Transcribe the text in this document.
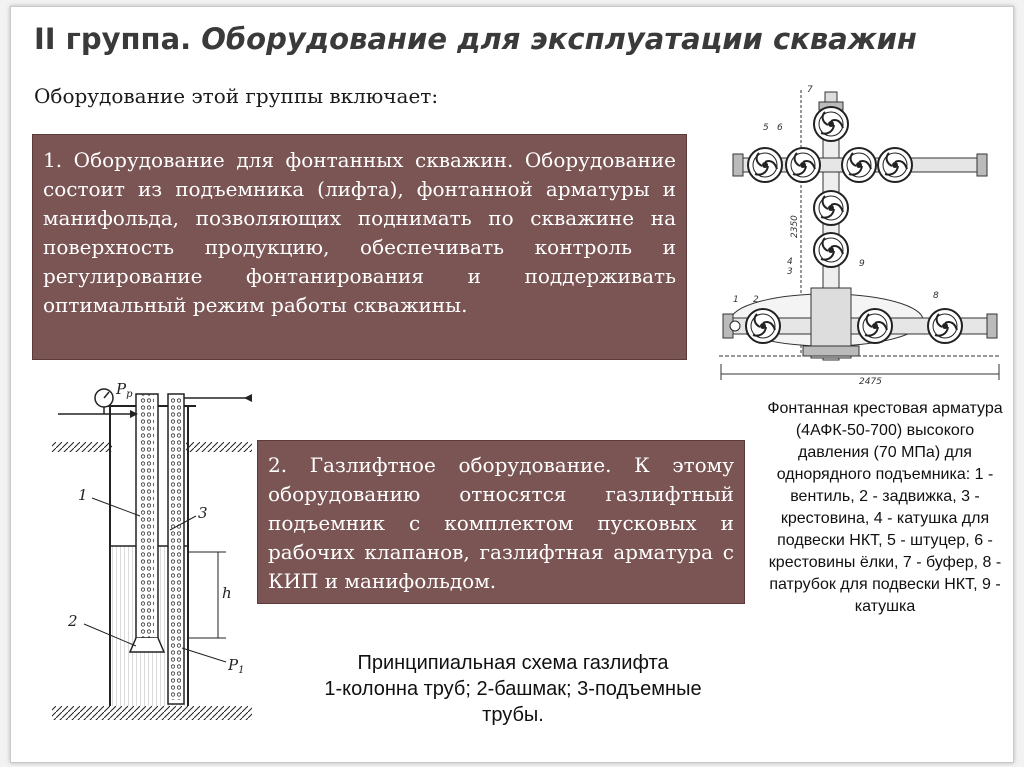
II группа. Оборудование для эксплуатации скважин
Оборудование этой группы включает:
1. Оборудование для фонтанных скважин. Оборудование состоит из подъемника (лифта), фонтанной арматуры и манифольда, позволяющих поднимать по скважине на поверхность продукцию, обеспечивать контроль и регулирование фонтанирования и поддерживать оптимальный режим работы скважины.
2. Газлифтное оборудование. К этому оборудованию относятся газлифтный подъемник с комплектом пусковых и рабочих клапанов, газлифтная арматура с КИП и манифольдом.
Фонтанная крестовая арматура (4АФК-50-700) высокого давления (70 МПа) для однорядного подъемника: 1 - вентиль, 2 - задвижка, 3 - крестовина, 4 - катушка для подвески НКТ, 5 - штуцер, 6 - крестовины ёлки, 7 - буфер, 8 - патрубок для подвески НКТ, 9 - катушка
Принципиальная схема газлифта
1-колонна труб; 2-башмак; 3-подъемные
трубы.
7
5 6
9
4
3
1 2	8
2475
2350
1
2
3
h
$P_р$
$P_1$
